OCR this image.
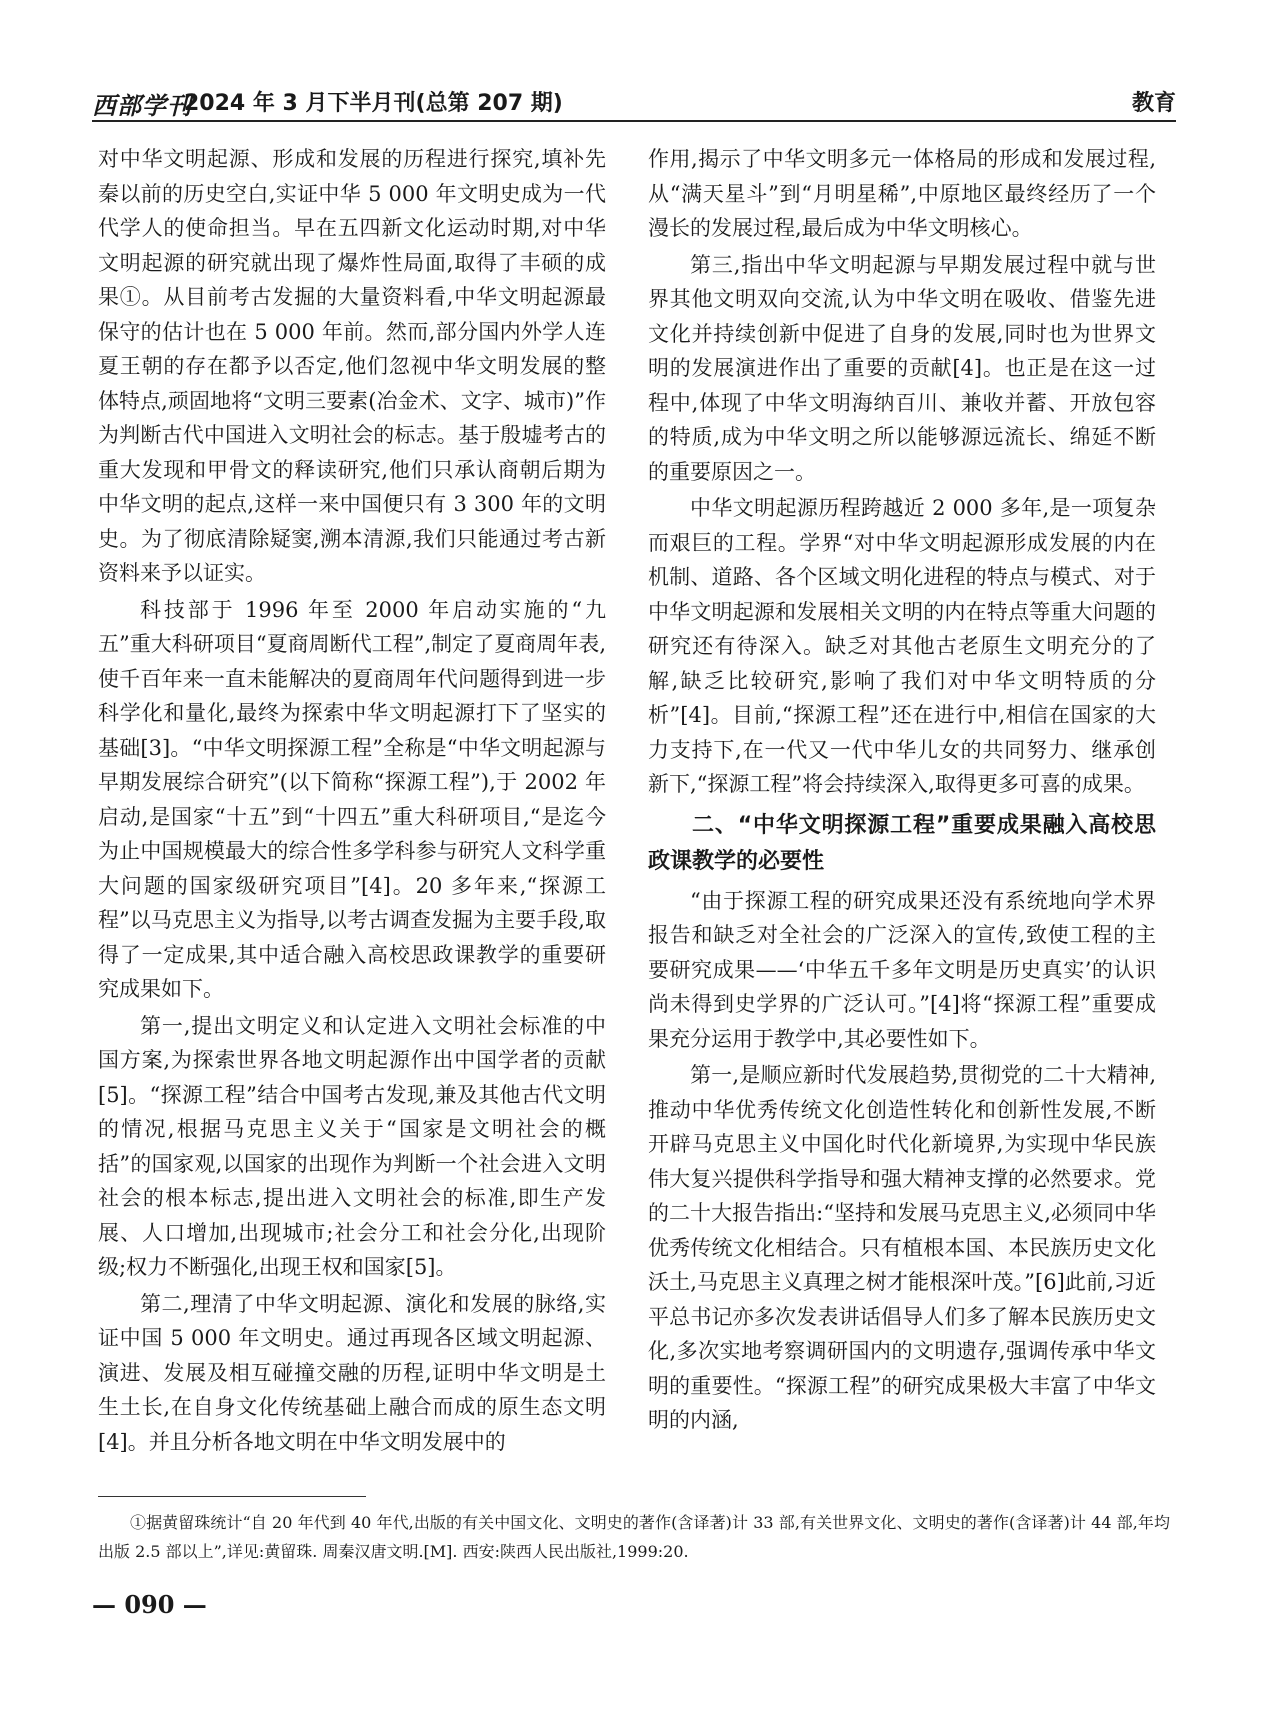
西部学刊
2024 年 3 月下半月刊(总第 207 期)	教育

对中华文明起源、形成和发展的历程进行探究,填补先秦以前的历史空白,实证中华 5 000 年文明史成为一代代学人的使命担当。早在五四新文化运动时期,对中华文明起源的研究就出现了爆炸性局面,取得了丰硕的成果①。从目前考古发掘的大量资料看,中华文明起源最保守的估计也在 5 000 年前。然而,部分国内外学人连夏王朝的存在都予以否定,他们忽视中华文明发展的整体特点,顽固地将“文明三要素(冶金术、文字、城市)”作为判断古代中国进入文明社会的标志。基于殷墟考古的重大发现和甲骨文的释读研究,他们只承认商朝后期为中华文明的起点,这样一来中国便只有 3 300 年的文明史。为了彻底清除疑窦,溯本清源,我们只能通过考古新资料来予以证实。

科技部于 1996 年至 2000 年启动实施的“九五”重大科研项目“夏商周断代工程”,制定了夏商周年表,使千百年来一直未能解决的夏商周年代问题得到进一步科学化和量化,最终为探索中华文明起源打下了坚实的基础[3]。“中华文明探源工程”全称是“中华文明起源与早期发展综合研究”(以下简称“探源工程”),于 2002 年启动,是国家“十五”到“十四五”重大科研项目,“是迄今为止中国规模最大的综合性多学科参与研究人文科学重大问题的国家级研究项目”[4]。20 多年来,“探源工程”以马克思主义为指导,以考古调查发掘为主要手段,取得了一定成果,其中适合融入高校思政课教学的重要研究成果如下。

第一,提出文明定义和认定进入文明社会标准的中国方案,为探索世界各地文明起源作出中国学者的贡献[5]。“探源工程”结合中国考古发现,兼及其他古代文明的情况,根据马克思主义关于“国家是文明社会的概括”的国家观,以国家的出现作为判断一个社会进入文明社会的根本标志,提出进入文明社会的标准,即生产发展、人口增加,出现城市;社会分工和社会分化,出现阶级;权力不断强化,出现王权和国家[5]。

第二,理清了中华文明起源、演化和发展的脉络,实证中国 5 000 年文明史。通过再现各区域文明起源、演进、发展及相互碰撞交融的历程,证明中华文明是土生土长,在自身文化传统基础上融合而成的原生态文明[4]。并且分析各地文明在中华文明发展中的

作用,揭示了中华文明多元一体格局的形成和发展过程,从“满天星斗”到“月明星稀”,中原地区最终经历了一个漫长的发展过程,最后成为中华文明核心。

第三,指出中华文明起源与早期发展过程中就与世界其他文明双向交流,认为中华文明在吸收、借鉴先进文化并持续创新中促进了自身的发展,同时也为世界文明的发展演进作出了重要的贡献[4]。也正是在这一过程中,体现了中华文明海纳百川、兼收并蓄、开放包容的特质,成为中华文明之所以能够源远流长、绵延不断的重要原因之一。

中华文明起源历程跨越近 2 000 多年,是一项复杂而艰巨的工程。学界“对中华文明起源形成发展的内在机制、道路、各个区域文明化进程的特点与模式、对于中华文明起源和发展相关文明的内在特点等重大问题的研究还有待深入。缺乏对其他古老原生文明充分的了解,缺乏比较研究,影响了我们对中华文明特质的分析”[4]。目前,“探源工程”还在进行中,相信在国家的大力支持下,在一代又一代中华儿女的共同努力、继承创新下,“探源工程”将会持续深入,取得更多可喜的成果。

二、“中华文明探源工程”重要成果融入高校思政课教学的必要性

“由于探源工程的研究成果还没有系统地向学术界报告和缺乏对全社会的广泛深入的宣传,致使工程的主要研究成果——‘中华五千多年文明是历史真实’的认识尚未得到史学界的广泛认可。”[4]将“探源工程”重要成果充分运用于教学中,其必要性如下。

第一,是顺应新时代发展趋势,贯彻党的二十大精神,推动中华优秀传统文化创造性转化和创新性发展,不断开辟马克思主义中国化时代化新境界,为实现中华民族伟大复兴提供科学指导和强大精神支撑的必然要求。党的二十大报告指出:“坚持和发展马克思主义,必须同中华优秀传统文化相结合。只有植根本国、本民族历史文化沃土,马克思主义真理之树才能根深叶茂。”[6]此前,习近平总书记亦多次发表讲话倡导人们多了解本民族历史文化,多次实地考察调研国内的文明遗存,强调传承中华文明的重要性。“探源工程”的研究成果极大丰富了中华文明的内涵,

①据黄留珠统计“自 20 年代到 40 年代,出版的有关中国文化、文明史的著作(含译著)计 33 部,有关世界文化、文明史的著作(含译著)计 44 部,年均出版 2.5 部以上”,详见:黄留珠. 周秦汉唐文明.[M]. 西安:陕西人民出版社,1999:20.

— 090 —
